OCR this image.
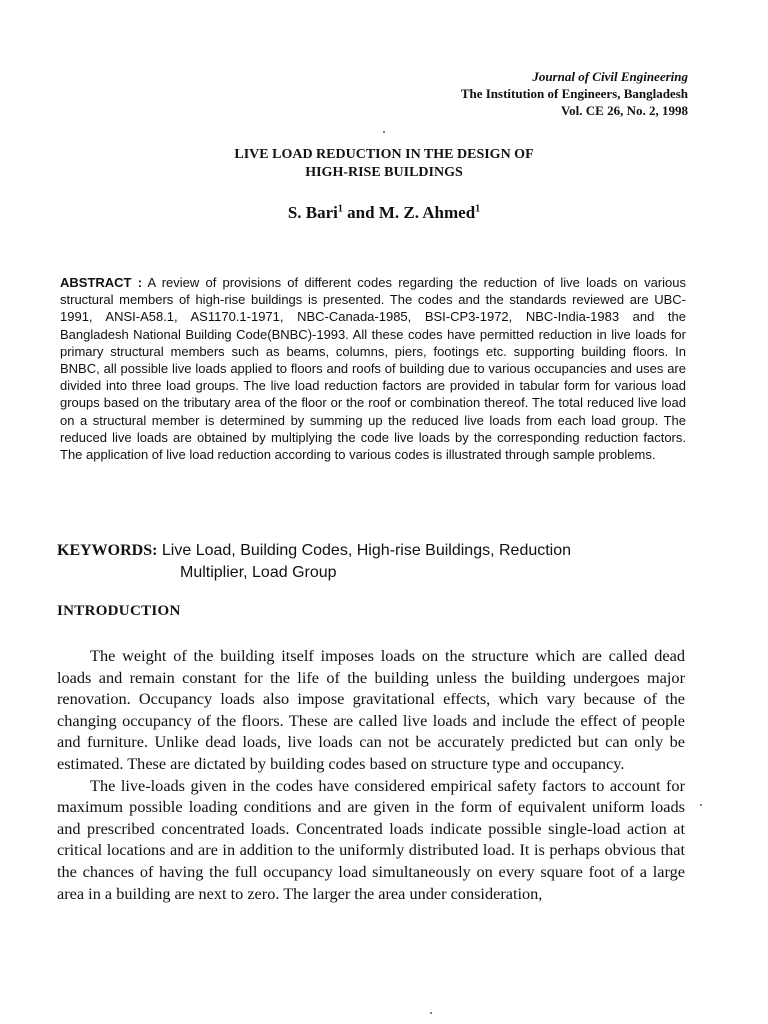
Journal of Civil Engineering
The Institution of Engineers, Bangladesh
Vol. CE 26, No. 2, 1998
LIVE LOAD REDUCTION IN THE DESIGN OF
HIGH-RISE BUILDINGS
S. Bari$^1$ and M. Z. Ahmed$^1$
ABSTRACT : A review of provisions of different codes regarding the reduction of live loads on various structural members of high-rise buildings is presented. The codes and the standards reviewed are UBC-1991, ANSI-A58.1, AS1170.1-1971, NBC-Canada-1985, BSI-CP3-1972, NBC-India-1983 and the Bangladesh National Building Code(BNBC)-1993. All these codes have permitted reduction in live loads for primary structural members such as beams, columns, piers, footings etc. supporting building floors. In BNBC, all possible live loads applied to floors and roofs of building due to various occupancies and uses are divided into three load groups. The live load reduction factors are provided in tabular form for various load groups based on the tributary area of the floor or the roof or combination thereof. The total reduced live load on a structural member is determined by summing up the reduced live loads from each load group. The reduced live loads are obtained by multiplying the code live loads by the corresponding reduction factors. The application of live load reduction according to various codes is illustrated through sample problems.
KEYWORDS: Live Load, Building Codes, High-rise Buildings, Reduction
Multiplier, Load Group
INTRODUCTION

The weight of the building itself imposes loads on the structure which are called dead loads and remain constant for the life of the building unless the building undergoes major renovation. Occupancy loads also impose gravitational effects, which vary because of the changing occupancy of the floors. These are called live loads and include the effect of people and furniture. Unlike dead loads, live loads can not be accurately predicted but can only be estimated. These are dictated by building codes based on structure type and occupancy.

The live-loads given in the codes have considered empirical safety factors to account for maximum possible loading conditions and are given in the form of equivalent uniform loads and prescribed concentrated loads. Concentrated loads indicate possible single-load action at critical locations and are in addition to the uniformly distributed load. It is perhaps obvious that the chances of having the full occupancy load simultaneously on every square foot of a large area in a building are next to zero. The larger the area under consideration,
